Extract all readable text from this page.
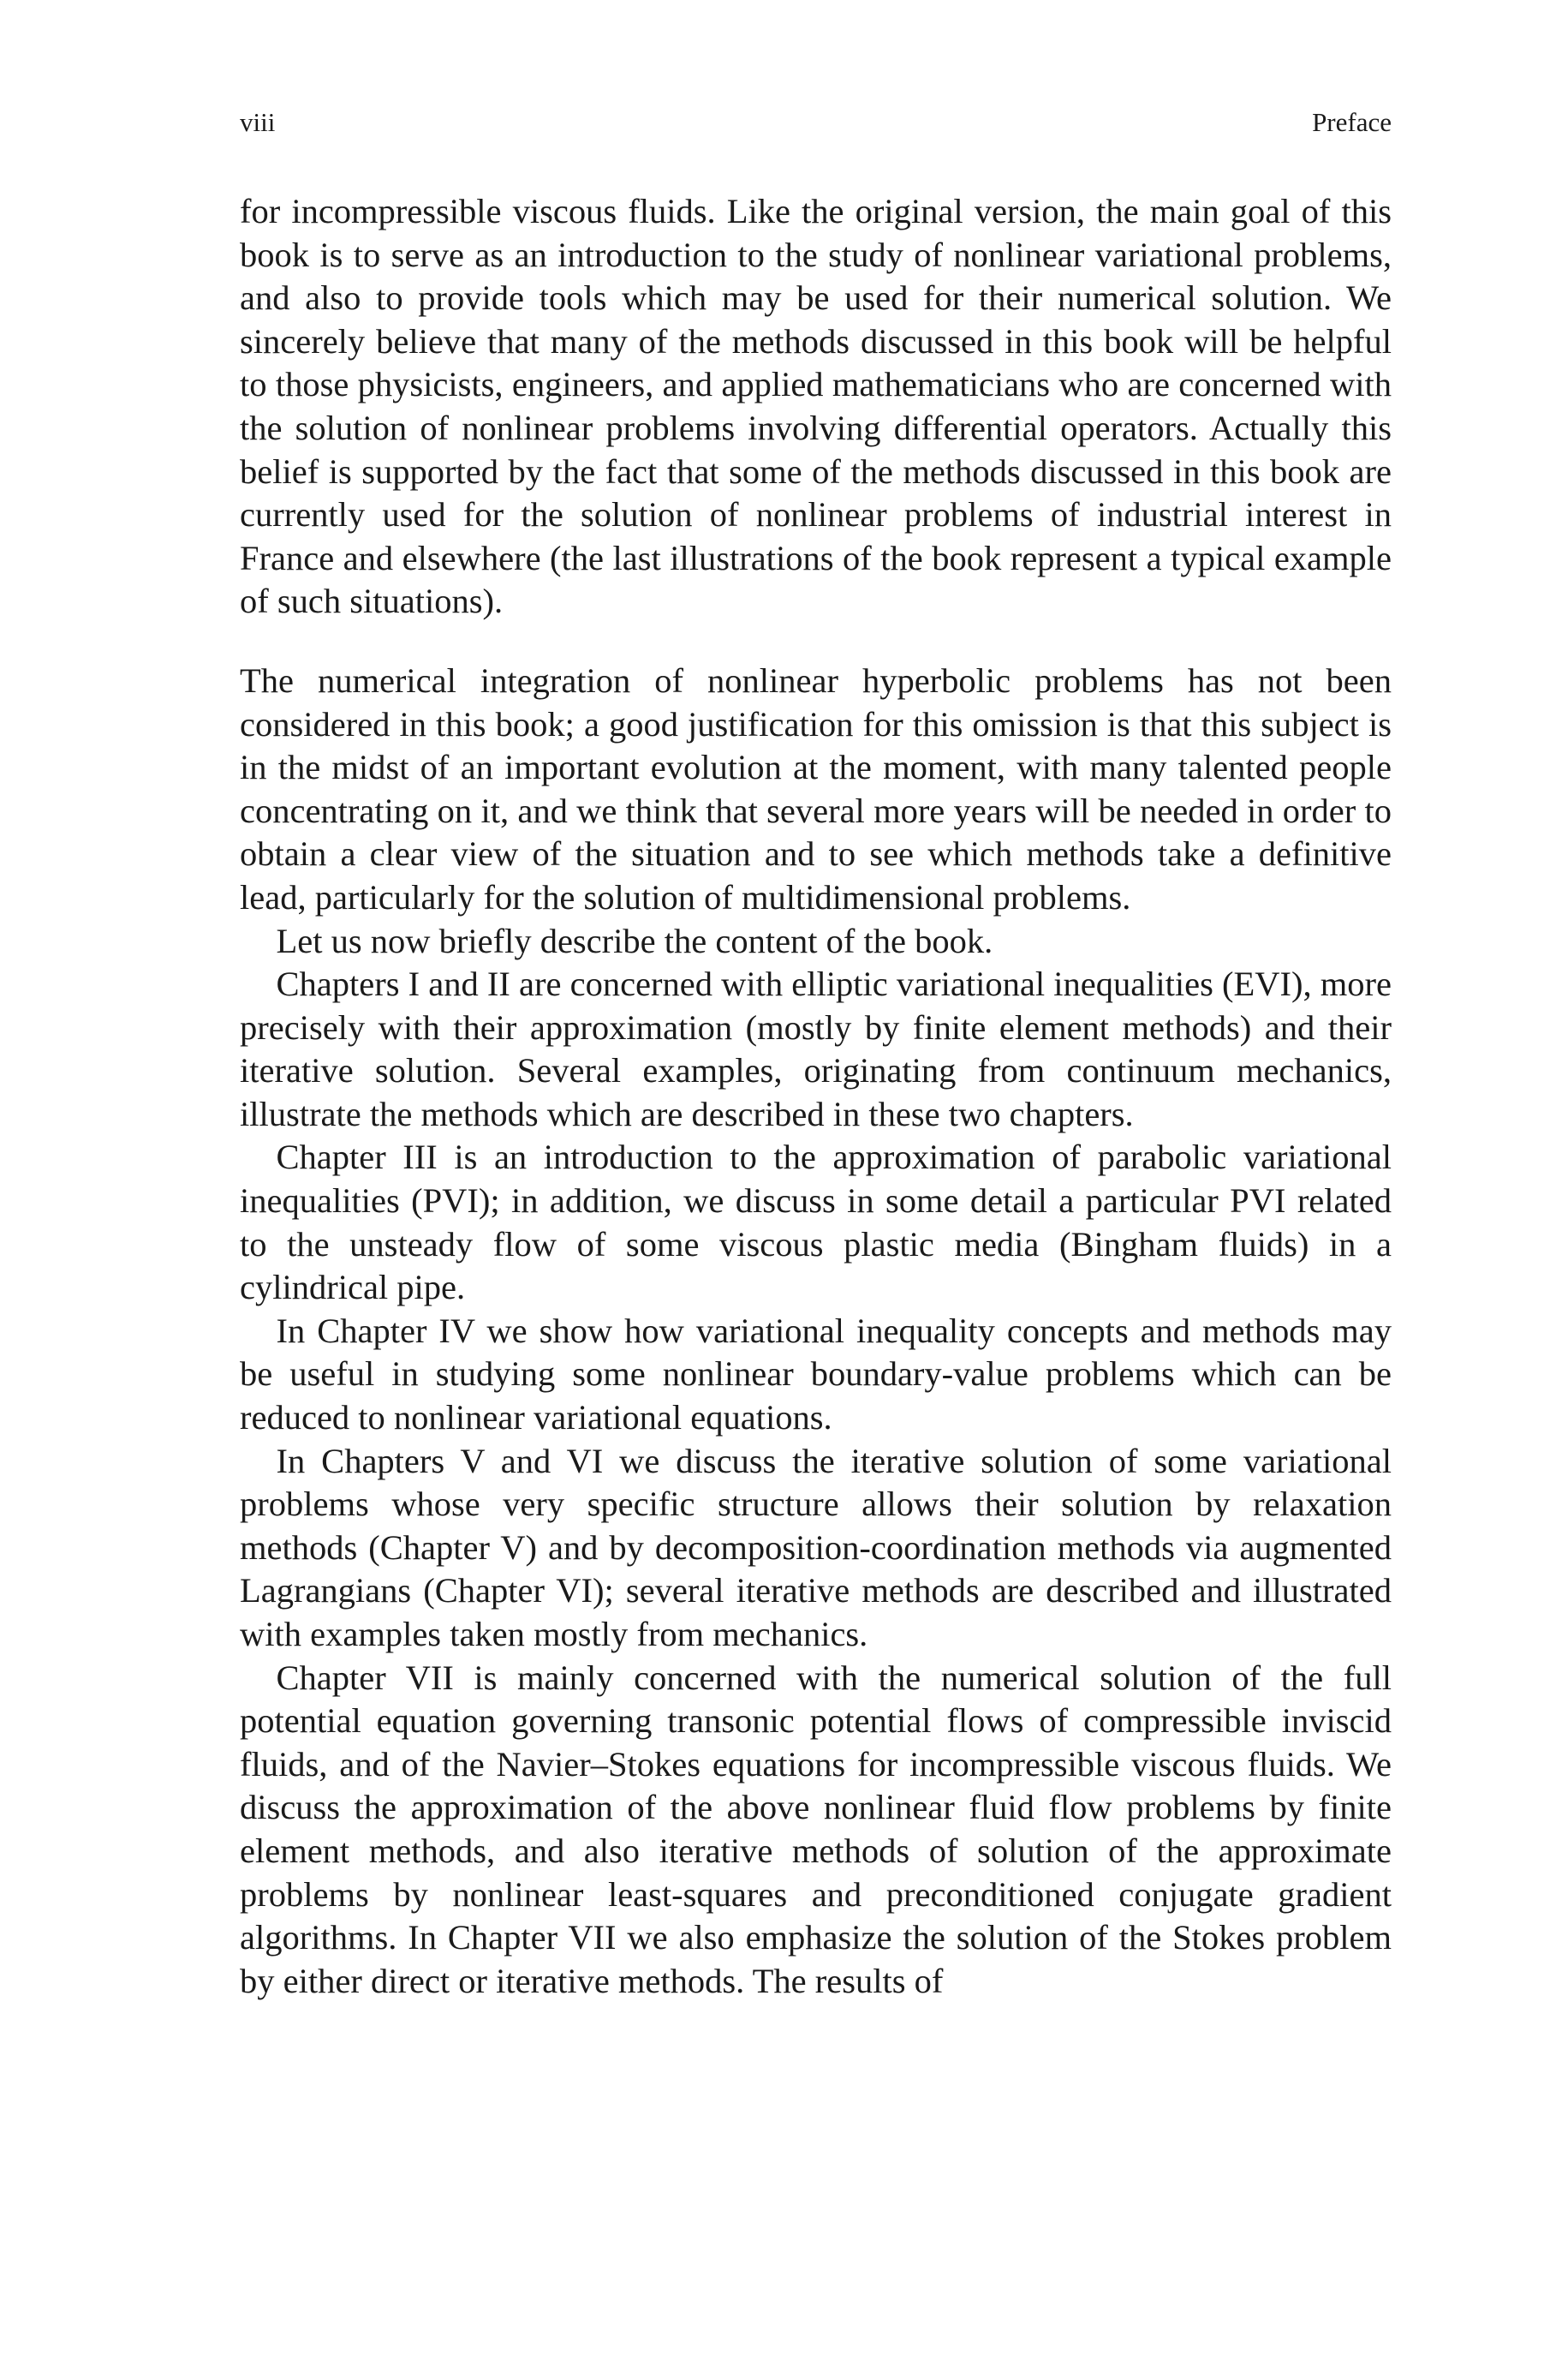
viii	Preface

for incompressible viscous fluids. Like the original version, the main goal of this book is to serve as an introduction to the study of nonlinear variational problems, and also to provide tools which may be used for their numerical solution. We sincerely believe that many of the methods discussed in this book will be helpful to those physicists, engineers, and applied mathematicians who are concerned with the solution of nonlinear problems involving differential operators. Actually this belief is supported by the fact that some of the methods discussed in this book are currently used for the solution of nonlinear problems of industrial interest in France and elsewhere (the last illustrations of the book represent a typical example of such situations).

The numerical integration of nonlinear hyperbolic problems has not been considered in this book; a good justification for this omission is that this subject is in the midst of an important evolution at the moment, with many talented people concentrating on it, and we think that several more years will be needed in order to obtain a clear view of the situation and to see which methods take a definitive lead, particularly for the solution of multidimensional problems.

Let us now briefly describe the content of the book.

Chapters I and II are concerned with elliptic variational inequalities (EVI), more precisely with their approximation (mostly by finite element methods) and their iterative solution. Several examples, originating from continuum mechanics, illustrate the methods which are described in these two chapters.

Chapter III is an introduction to the approximation of parabolic variational inequalities (PVI); in addition, we discuss in some detail a particular PVI related to the unsteady flow of some viscous plastic media (Bingham fluids) in a cylindrical pipe.

In Chapter IV we show how variational inequality concepts and methods may be useful in studying some nonlinear boundary-value problems which can be reduced to nonlinear variational equations.

In Chapters V and VI we discuss the iterative solution of some variational problems whose very specific structure allows their solution by relaxation methods (Chapter V) and by decomposition-coordination methods via augmented Lagrangians (Chapter VI); several iterative methods are described and illustrated with examples taken mostly from mechanics.

Chapter VII is mainly concerned with the numerical solution of the full potential equation governing transonic potential flows of compressible inviscid fluids, and of the Navier–Stokes equations for incompressible viscous fluids. We discuss the approximation of the above nonlinear fluid flow problems by finite element methods, and also iterative methods of solution of the approximate problems by nonlinear least-squares and preconditioned conjugate gradient algorithms. In Chapter VII we also emphasize the solution of the Stokes problem by either direct or iterative methods. The results of
